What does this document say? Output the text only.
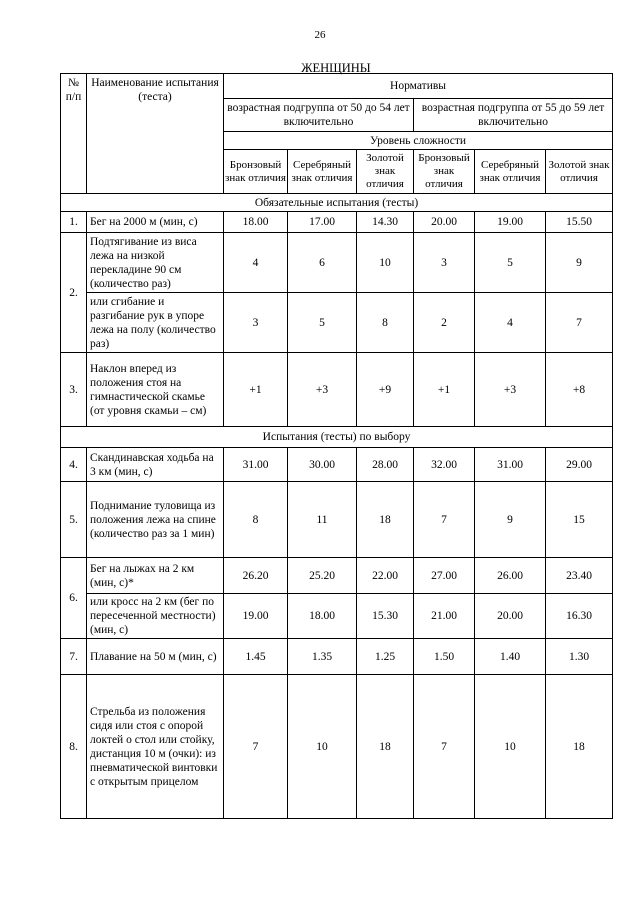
26
ЖЕНЩИНЫ
№ п/п	Наименование испытания (теста)	Нормативы					
		возрастная подгруппа от 50 до 54 лет включительно			возрастная подгруппа от 55 до 59 лет включительно		
		Уровень сложности					
		Бронзовый знак отличия	Серебряный знак отличия	Золотой знак отличия	Бронзовый знак отличия	Серебряный знак отличия	Золотой знак отличия
Обязательные испытания (тесты)							
1.	Бег на 2000 м (мин, с)	18.00	17.00	14.30	20.00	19.00	15.50
2.	Подтягивание из виса лежа на низкой перекладине 90 см (количество раз)	4	6	10	3	5	9
	или сгибание и разгибание рук в упоре лежа на полу (количество раз)	3	5	8	2	4	7
3.	Наклон вперед из положения стоя на гимнастической скамье (от уровня скамьи – см)	+1	+3	+9	+1	+3	+8
Испытания (тесты) по выбору							
4.	Скандинавская ходьба на 3 км (мин, с)	31.00	30.00	28.00	32.00	31.00	29.00
5.	Поднимание туловища из положения лежа на спине (количество раз за 1 мин)	8	11	18	7	9	15
6.	Бег на лыжах на 2 км (мин, с)*	26.20	25.20	22.00	27.00	26.00	23.40
	или кросс на 2 км (бег по пересеченной местности) (мин, с)	19.00	18.00	15.30	21.00	20.00	16.30
7.	Плавание на 50 м (мин, с)	1.45	1.35	1.25	1.50	1.40	1.30
8.	Стрельба из положения сидя или стоя с опорой локтей о стол или стойку, дистанция 10 м (очки): из пневматической винтовки с открытым прицелом	7	10	18	7	10	18
